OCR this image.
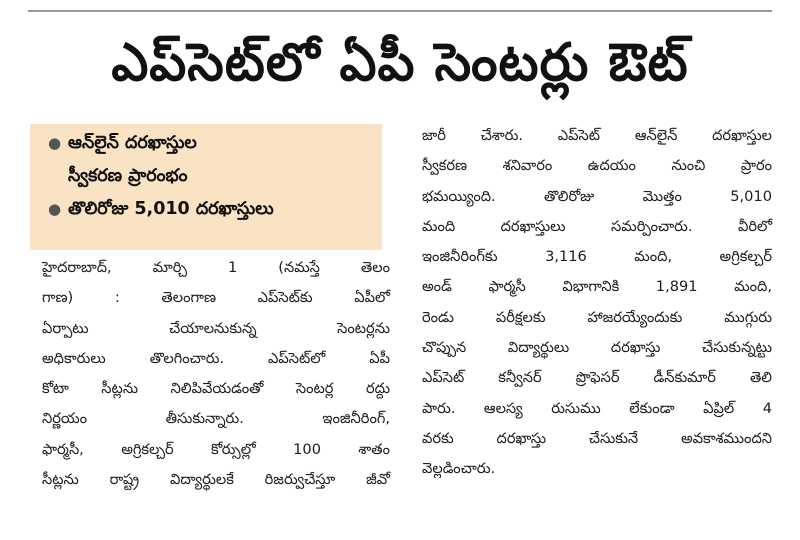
ఎప్‌సెట్‌లో ఏపీ సెంటర్లు ఔట్
● ఆన్‌లైన్ దరఖాస్తుల
స్వీకరణ ప్రారంభం
● తొలిరోజు 5,010 దరఖాస్తులు
హైదరాబాద్, మార్చి 1 (నమస్తే తెలం
గాణ) : తెలంగాణ ఎప్‌సెట్‌కు ఏపీలో
ఏర్పాటు చేయాలనుకున్న సెంటర్లను
అధికారులు తొలగించారు. ఎప్‌సెట్‌లో ఏపీ
కోటా సీట్లను నిలిపివేయడంతో సెంటర్ల రద్దు
నిర్ణయం తీసుకున్నారు. ఇంజినీరింగ్,
ఫార్మసీ, అగ్రికల్చర్ కోర్సుల్లో 100 శాతం
సీట్లను రాష్ట్ర విద్యార్థులకే రిజర్వుచేస్తూ జీవో
జారీ చేశారు. ఎప్‌సెట్ ఆన్‌లైన్ దరఖాస్తుల
స్వీకరణ శనివారం ఉదయం నుంచి ప్రారం
భమయ్యింది. తొలిరోజు మొత్తం 5,010
మంది దరఖాస్తులు సమర్పించారు. వీరిలో
ఇంజినీరింగ్‌కు 3,116 మంది, అగ్రికల్చర్
అండ్ ఫార్మసీ విభాగానికి 1,891 మంది,
రెండు పరీక్షలకు హాజరయ్యేందుకు ముగ్గురు
చొప్పున విద్యార్థులు దరఖాస్తు చేసుకున్నట్టు
ఎప్‌సెట్ కన్వీనర్ ప్రొఫెసర్ డీన్‌కుమార్ తెలి
పారు. ఆలస్య రుసుము లేకుండా ఏప్రిల్ 4
వరకు దరఖాస్తు చేసుకునే అవకాశముందని
వెల్లడించారు.
